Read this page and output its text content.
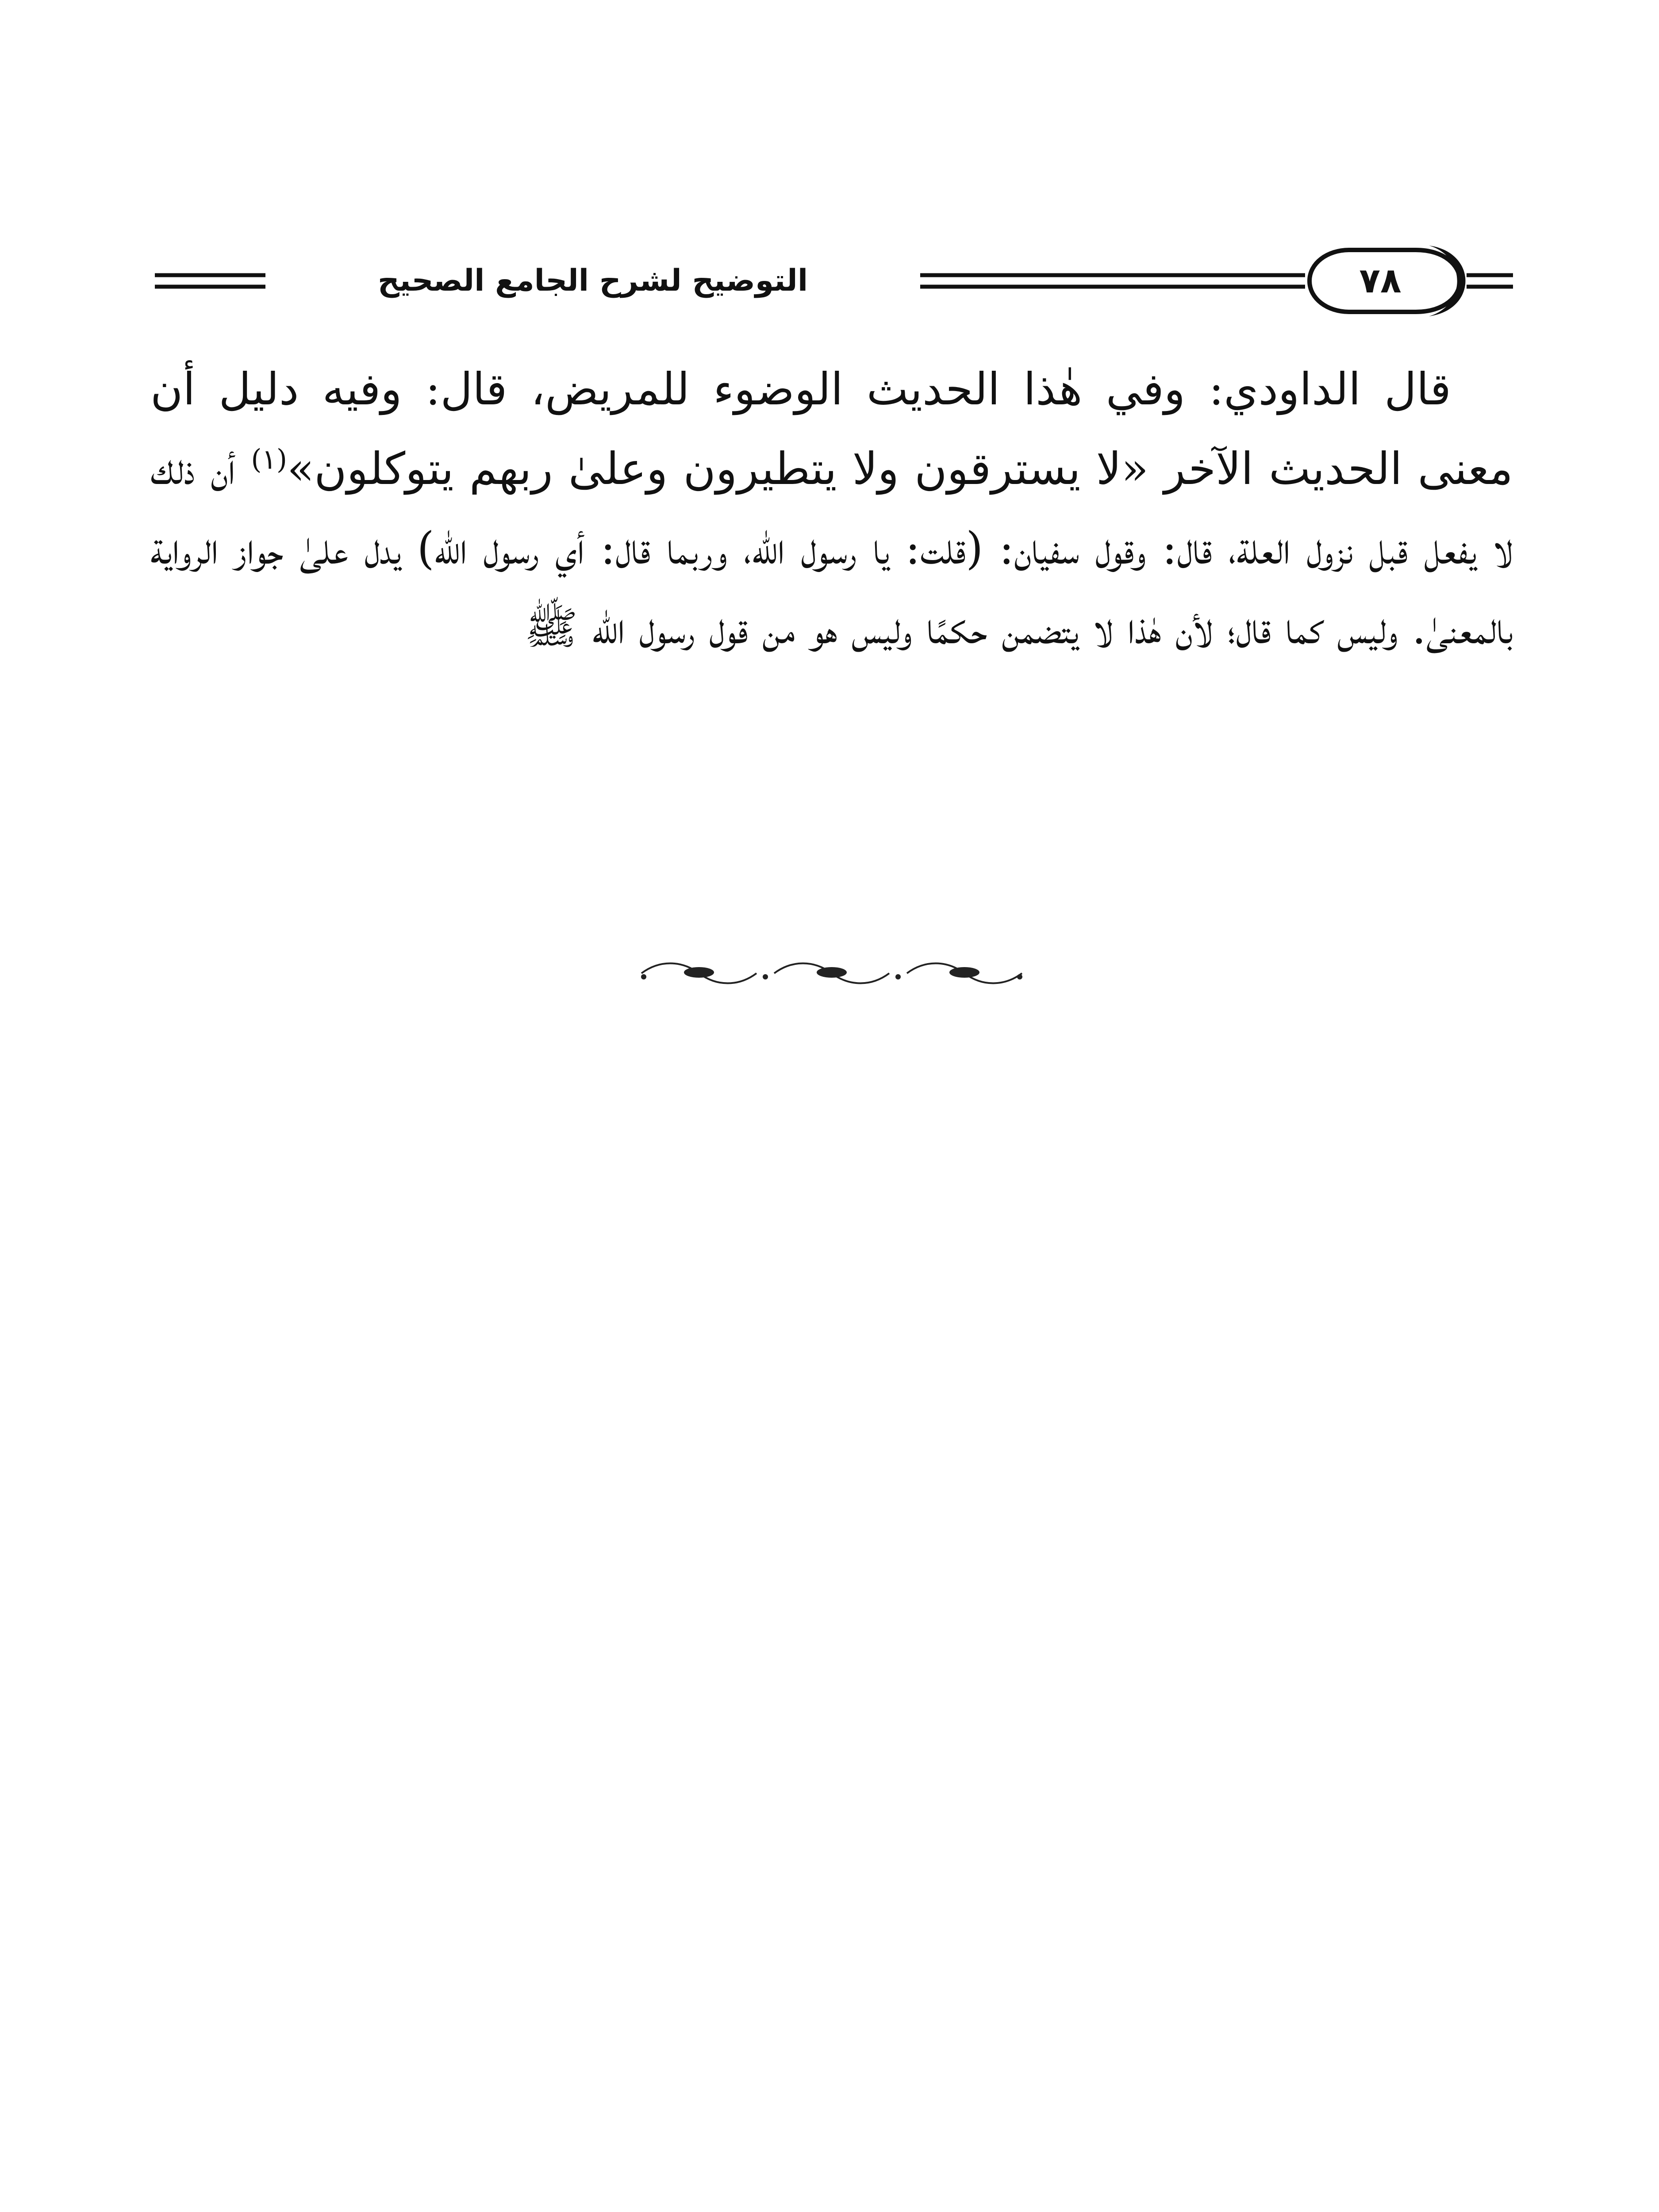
التوضيح لشرح الجامع الصحيح	٧٨

قال الداودي: وفي هٰذا الحديث الوضوء للمريض، قال: وفيه دليل أن معنى الحديث الآخر «لا يسترقون ولا يتطيرون وعلىٰ ربهم يتوكلون»$^{(١)}$ أن ذلك لا يفعل قبل نزول العلة، قال: وقول سفيان: (قلت: يا رسول الله، وربما قال: أي رسول الله) يدل علىٰ جواز الرواية بالمعنىٰ. وليس كما قال؛ لأن هٰذا لا يتضمن حكمًا وليس هو من قول رسول الله ﷺ
